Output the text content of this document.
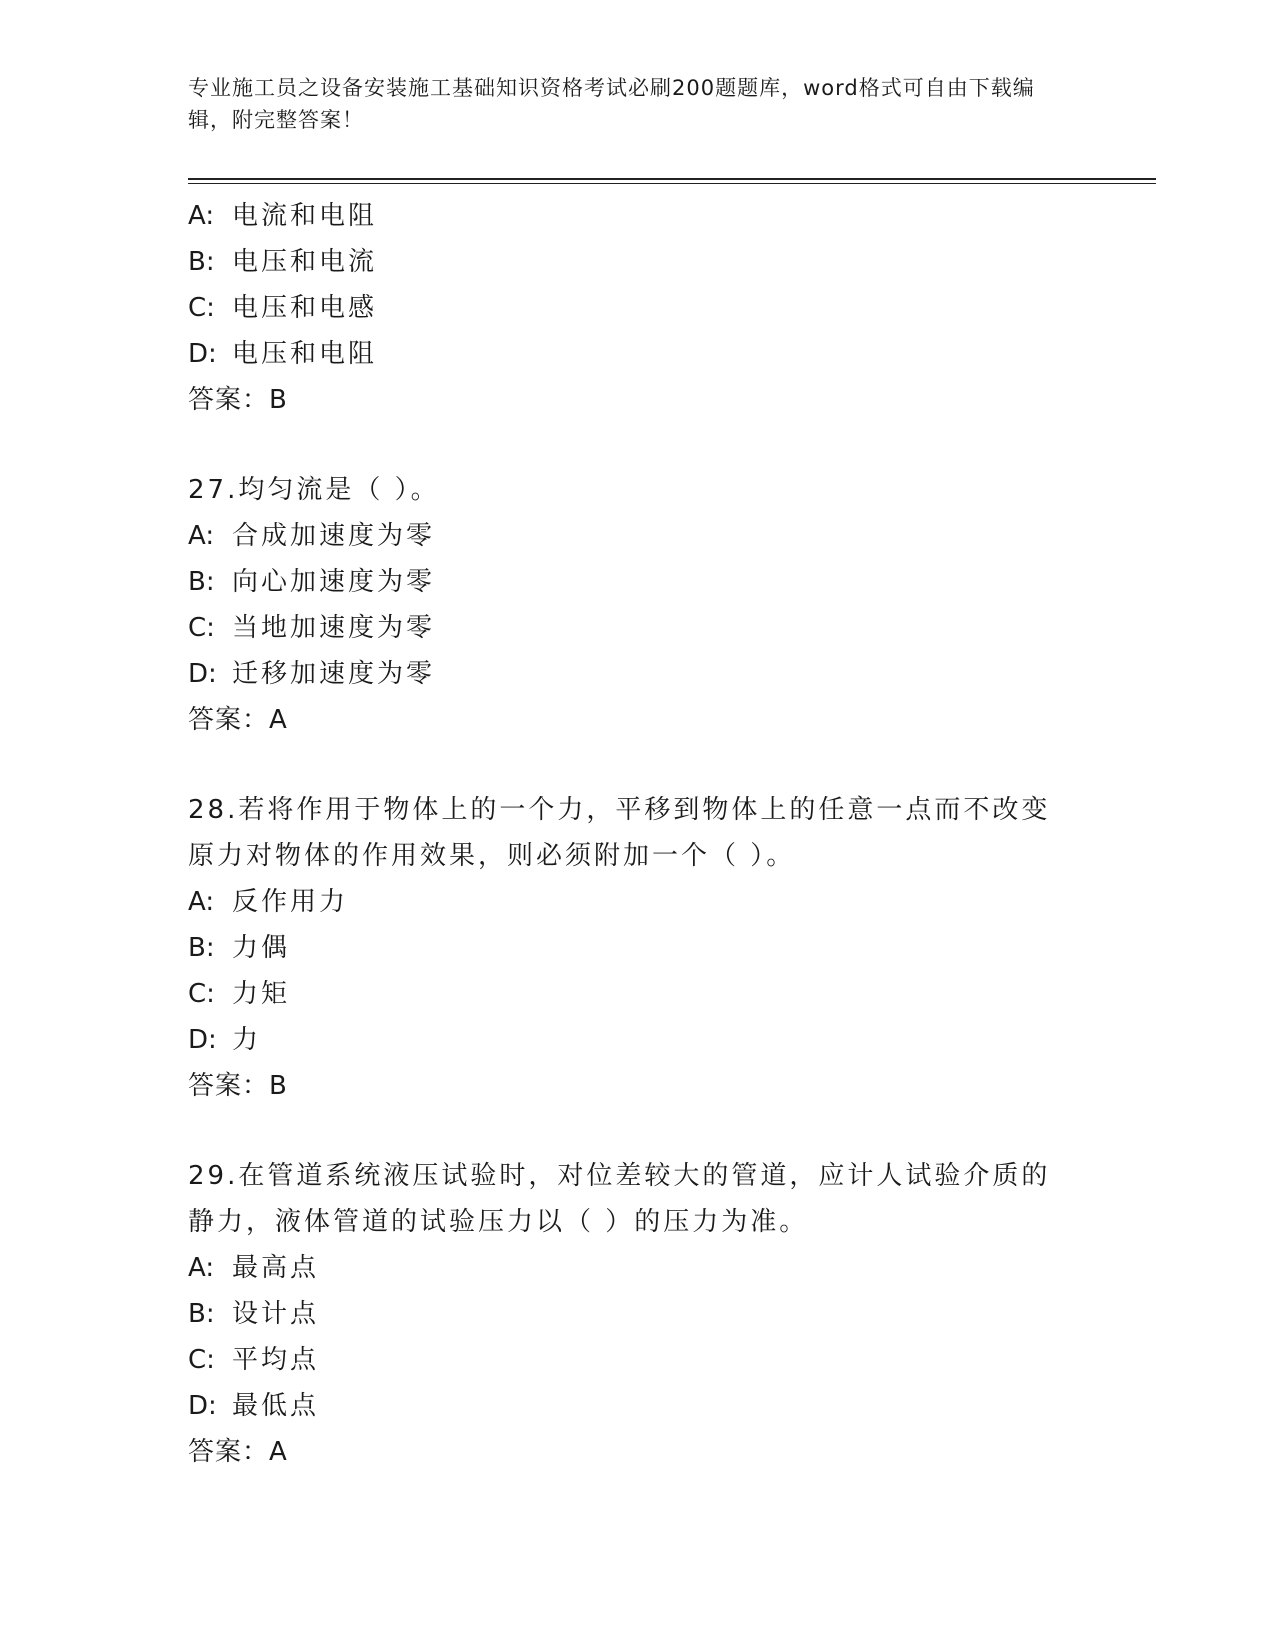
专业施工员之设备安装施工基础知识资格考试必刷200题题库，word格式可自由下载编辑，附完整答案！
A: 电流和电阻
B: 电压和电流
C: 电压和电感
D: 电压和电阻
答案：B
27.均匀流是（ ）。
A: 合成加速度为零
B: 向心加速度为零
C: 当地加速度为零
D: 迁移加速度为零
答案：A
28.若将作用于物体上的一个力，平移到物体上的任意一点而不改变原力对物体的作用效果，则必须附加一个（ ）。
A: 反作用力
B: 力偶
C: 力矩
D: 力
答案：B
29.在管道系统液压试验时，对位差较大的管道，应计人试验介质的静力，液体管道的试验压力以（ ）的压力为准。
A: 最高点
B: 设计点
C: 平均点
D: 最低点
答案：A
